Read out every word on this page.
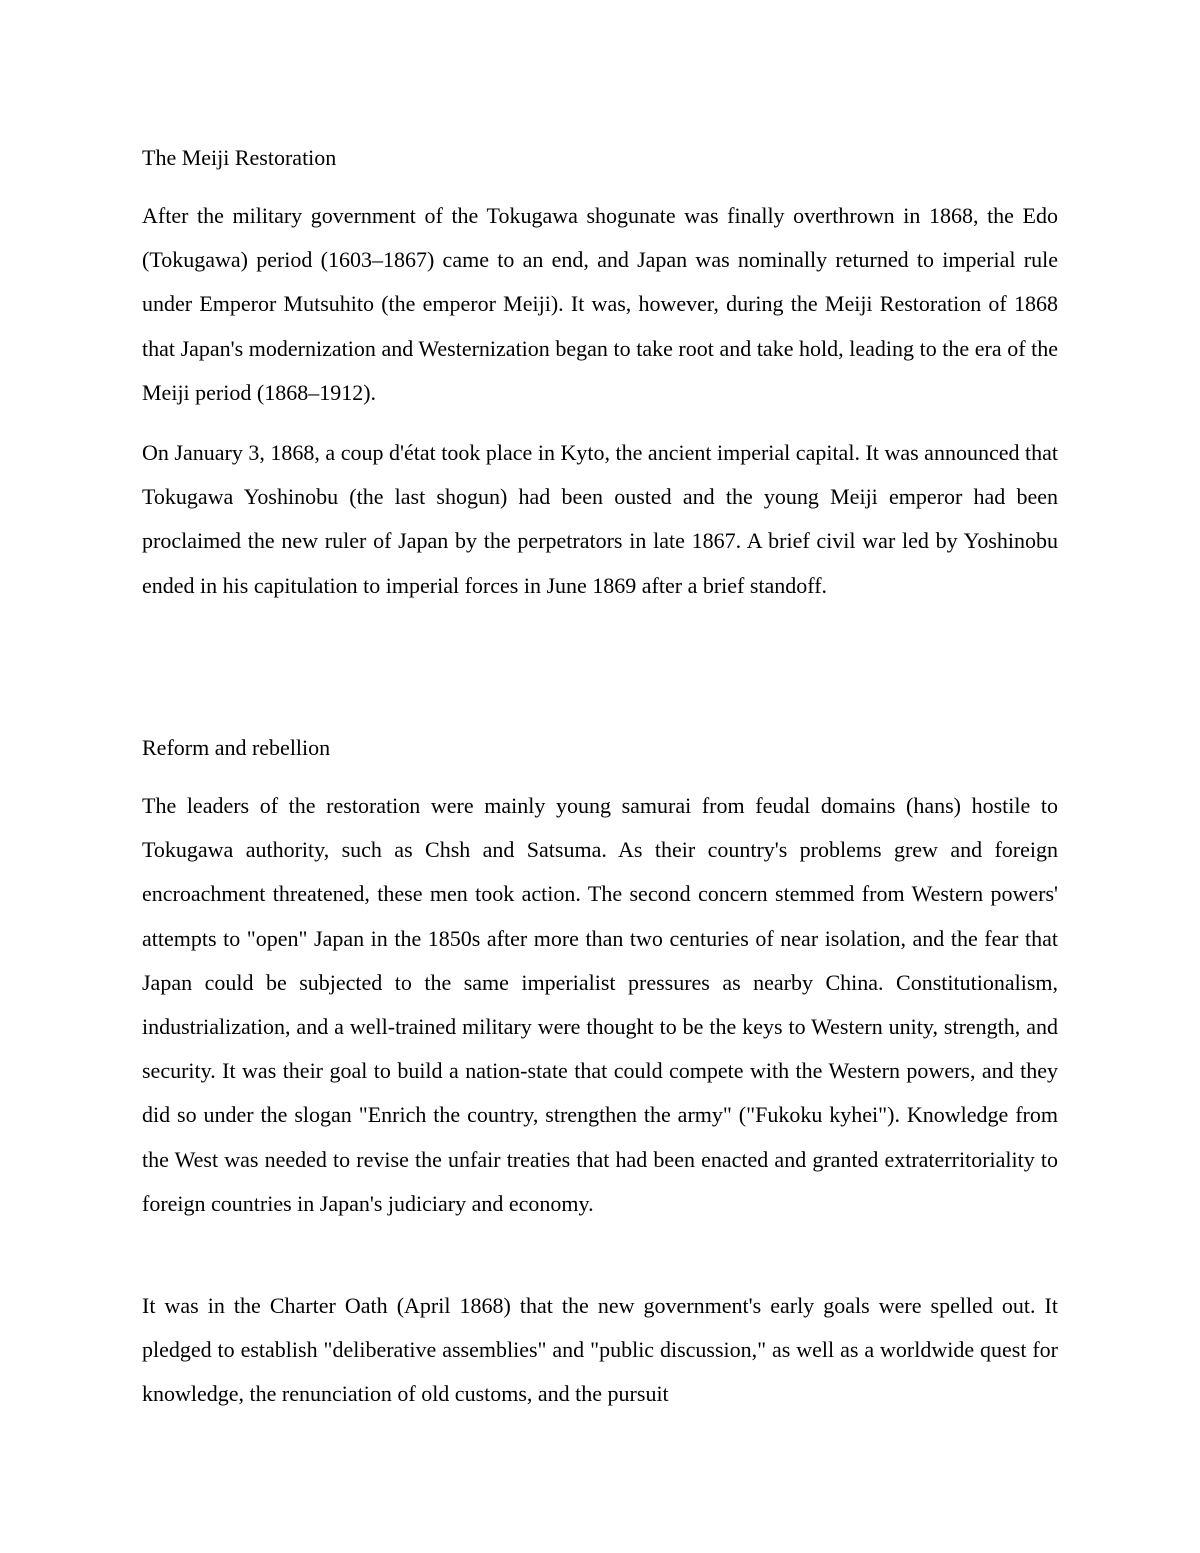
The Meiji Restoration

After the military government of the Tokugawa shogunate was finally overthrown in 1868, the Edo (Tokugawa) period (1603–1867) came to an end, and Japan was nominally returned to imperial rule under Emperor Mutsuhito (the emperor Meiji). It was, however, during the Meiji Restoration of 1868 that Japan's modernization and Westernization began to take root and take hold, leading to the era of the Meiji period (1868–1912).

On January 3, 1868, a coup d'état took place in Kyto, the ancient imperial capital. It was announced that Tokugawa Yoshinobu (the last shogun) had been ousted and the young Meiji emperor had been proclaimed the new ruler of Japan by the perpetrators in late 1867. A brief civil war led by Yoshinobu ended in his capitulation to imperial forces in June 1869 after a brief standoff.

Reform and rebellion

The leaders of the restoration were mainly young samurai from feudal domains (hans) hostile to Tokugawa authority, such as Chsh and Satsuma. As their country's problems grew and foreign encroachment threatened, these men took action. The second concern stemmed from Western powers' attempts to "open" Japan in the 1850s after more than two centuries of near isolation, and the fear that Japan could be subjected to the same imperialist pressures as nearby China. Constitutionalism, industrialization, and a well-trained military were thought to be the keys to Western unity, strength, and security. It was their goal to build a nation-state that could compete with the Western powers, and they did so under the slogan "Enrich the country, strengthen the army" ("Fukoku kyhei"). Knowledge from the West was needed to revise the unfair treaties that had been enacted and granted extraterritoriality to foreign countries in Japan's judiciary and economy.

It was in the Charter Oath (April 1868) that the new government's early goals were spelled out. It pledged to establish "deliberative assemblies" and "public discussion," as well as a worldwide quest for knowledge, the renunciation of old customs, and the pursuit
